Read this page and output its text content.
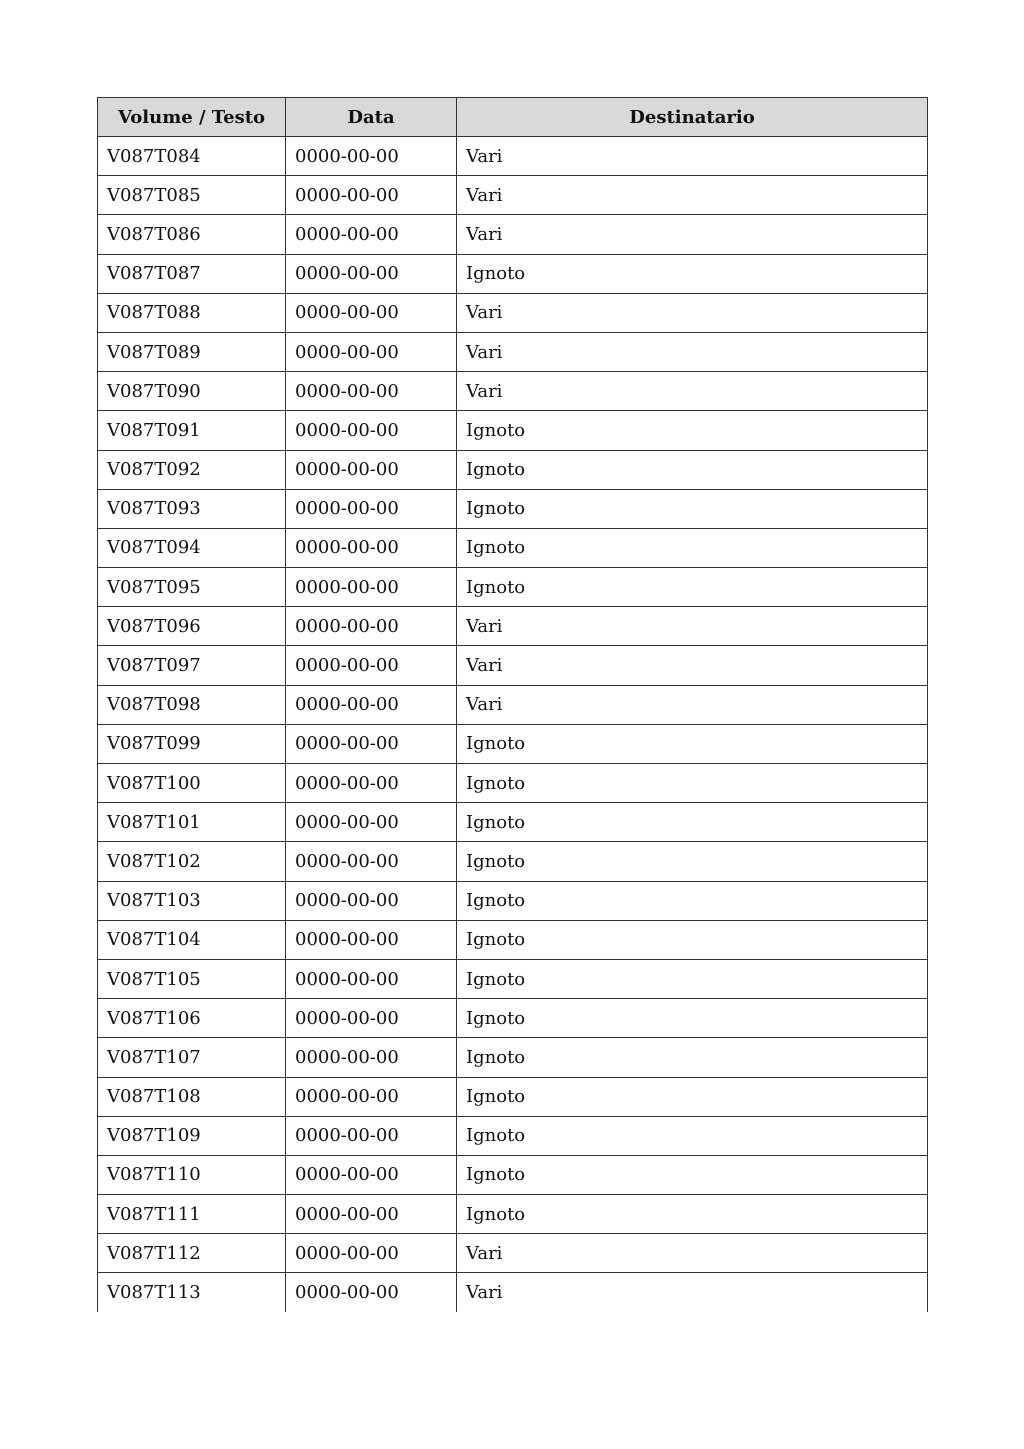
Volume / Testo	Data	Destinatario
V087T084	0000-00-00	Vari
V087T085	0000-00-00	Vari
V087T086	0000-00-00	Vari
V087T087	0000-00-00	Ignoto
V087T088	0000-00-00	Vari
V087T089	0000-00-00	Vari
V087T090	0000-00-00	Vari
V087T091	0000-00-00	Ignoto
V087T092	0000-00-00	Ignoto
V087T093	0000-00-00	Ignoto
V087T094	0000-00-00	Ignoto
V087T095	0000-00-00	Ignoto
V087T096	0000-00-00	Vari
V087T097	0000-00-00	Vari
V087T098	0000-00-00	Vari
V087T099	0000-00-00	Ignoto
V087T100	0000-00-00	Ignoto
V087T101	0000-00-00	Ignoto
V087T102	0000-00-00	Ignoto
V087T103	0000-00-00	Ignoto
V087T104	0000-00-00	Ignoto
V087T105	0000-00-00	Ignoto
V087T106	0000-00-00	Ignoto
V087T107	0000-00-00	Ignoto
V087T108	0000-00-00	Ignoto
V087T109	0000-00-00	Ignoto
V087T110	0000-00-00	Ignoto
V087T111	0000-00-00	Ignoto
V087T112	0000-00-00	Vari
V087T113	0000-00-00	Vari
